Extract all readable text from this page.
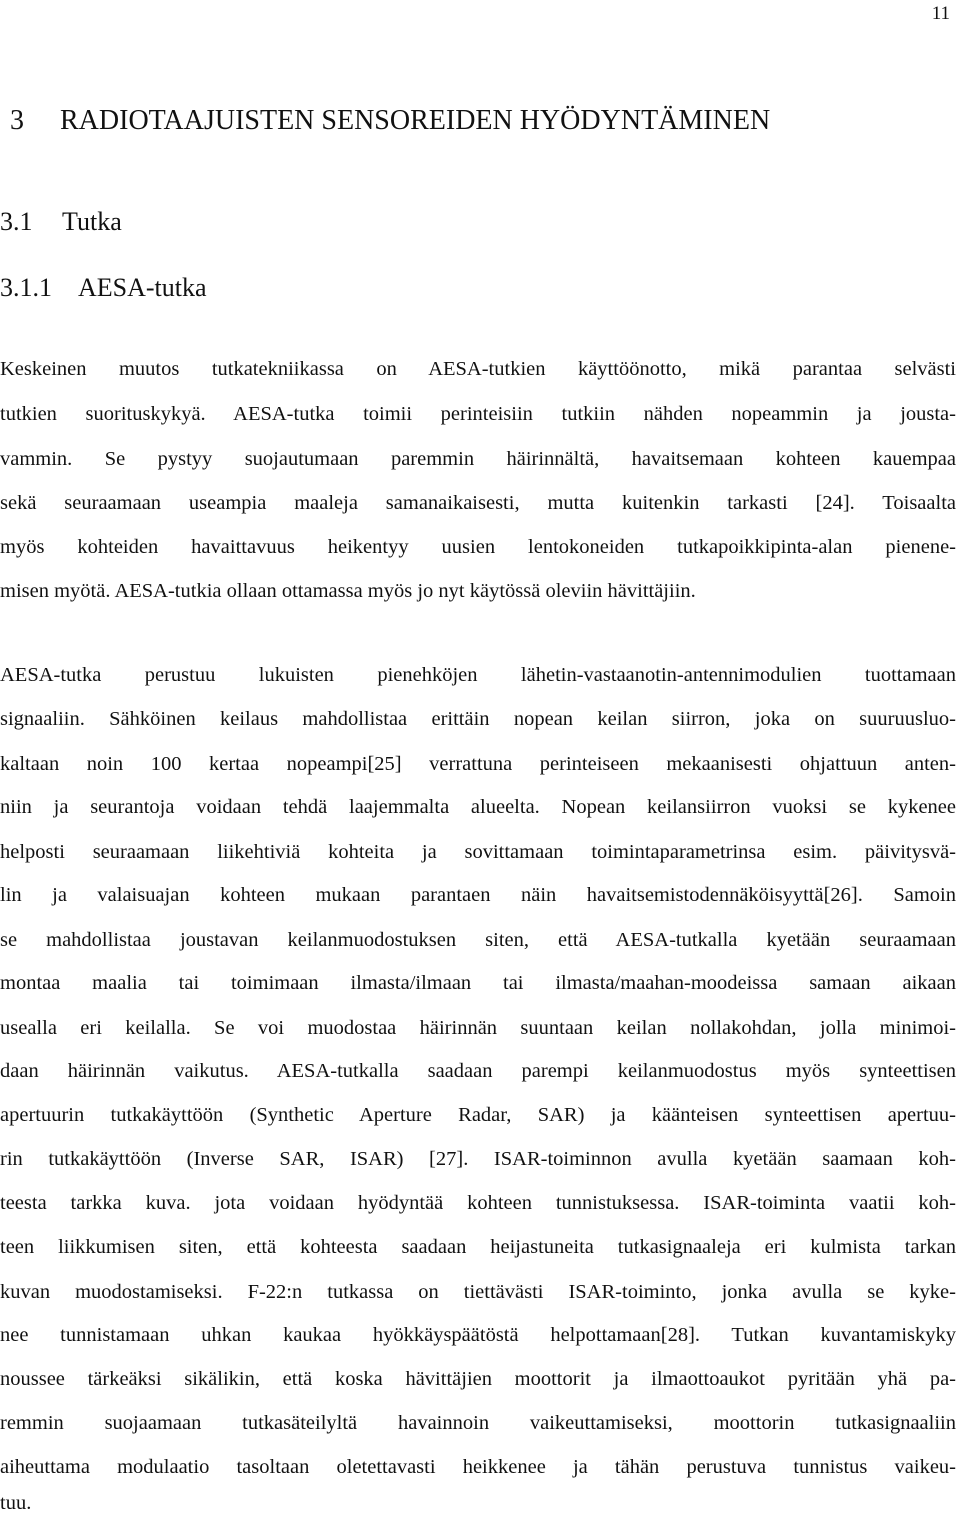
11
3 RADIOTAAJUISTEN SENSOREIDEN HYÖDYNTÄMINEN
3.1 Tutka
3.1.1 AESA-tutka
Keskeinen muutos tutkatekniikassa on AESA-tutkien käyttöönotto, mikä parantaa selvästi
tutkien suorituskykyä. AESA-tutka toimii perinteisiin tutkiin nähden nopeammin ja jousta-
vammin. Se pystyy suojautumaan paremmin häirinnältä, havaitsemaan kohteen kauempaa
sekä seuraamaan useampia maaleja samanaikaisesti, mutta kuitenkin tarkasti [24]. Toisaalta
myös kohteiden havaittavuus heikentyy uusien lentokoneiden tutkapoikkipinta-alan pienene-
misen myötä. AESA-tutkia ollaan ottamassa myös jo nyt käytössä oleviin hävittäjiin.
AESA-tutka perustuu lukuisten pienehköjen lähetin-vastaanotin-antennimodulien tuottamaan
signaaliin. Sähköinen keilaus mahdollistaa erittäin nopean keilan siirron, joka on suuruusluo-
kaltaan noin 100 kertaa nopeampi[25] verrattuna perinteiseen mekaanisesti ohjattuun anten-
niin ja seurantoja voidaan tehdä laajemmalta alueelta. Nopean keilansiirron vuoksi se kykenee
helposti seuraamaan liikehtiviä kohteita ja sovittamaan toimintaparametrinsa esim. päivitysvä-
lin ja valaisuajan kohteen mukaan parantaen näin havaitsemistodennäköisyyttä[26]. Samoin
se mahdollistaa joustavan keilanmuodostuksen siten, että AESA-tutkalla kyetään seuraamaan
montaa maalia tai toimimaan ilmasta/ilmaan tai ilmasta/maahan-moodeissa samaan aikaan
usealla eri keilalla. Se voi muodostaa häirinnän suuntaan keilan nollakohdan, jolla minimoi-
daan häirinnän vaikutus. AESA-tutkalla saadaan parempi keilanmuodostus myös synteettisen
apertuurin tutkakäyttöön (Synthetic Aperture Radar, SAR) ja käänteisen synteettisen apertuu-
rin tutkakäyttöön (Inverse SAR, ISAR) [27]. ISAR-toiminnon avulla kyetään saamaan koh-
teesta tarkka kuva. jota voidaan hyödyntää kohteen tunnistuksessa. ISAR-toiminta vaatii koh-
teen liikkumisen siten, että kohteesta saadaan heijastuneita tutkasignaaleja eri kulmista tarkan
kuvan muodostamiseksi. F-22:n tutkassa on tiettävästi ISAR-toiminto, jonka avulla se kyke-
nee tunnistamaan uhkan kaukaa hyökkäyspäätöstä helpottamaan[28]. Tutkan kuvantamiskyky
noussee tärkeäksi sikälikin, että koska hävittäjien moottorit ja ilmaottoaukot pyritään yhä pa-
remmin suojaamaan tutkasäteilyltä havainnoin vaikeuttamiseksi, moottorin tutkasignaaliin
aiheuttama modulaatio tasoltaan oletettavasti heikkenee ja tähän perustuva tunnistus vaikeu-
tuu.
